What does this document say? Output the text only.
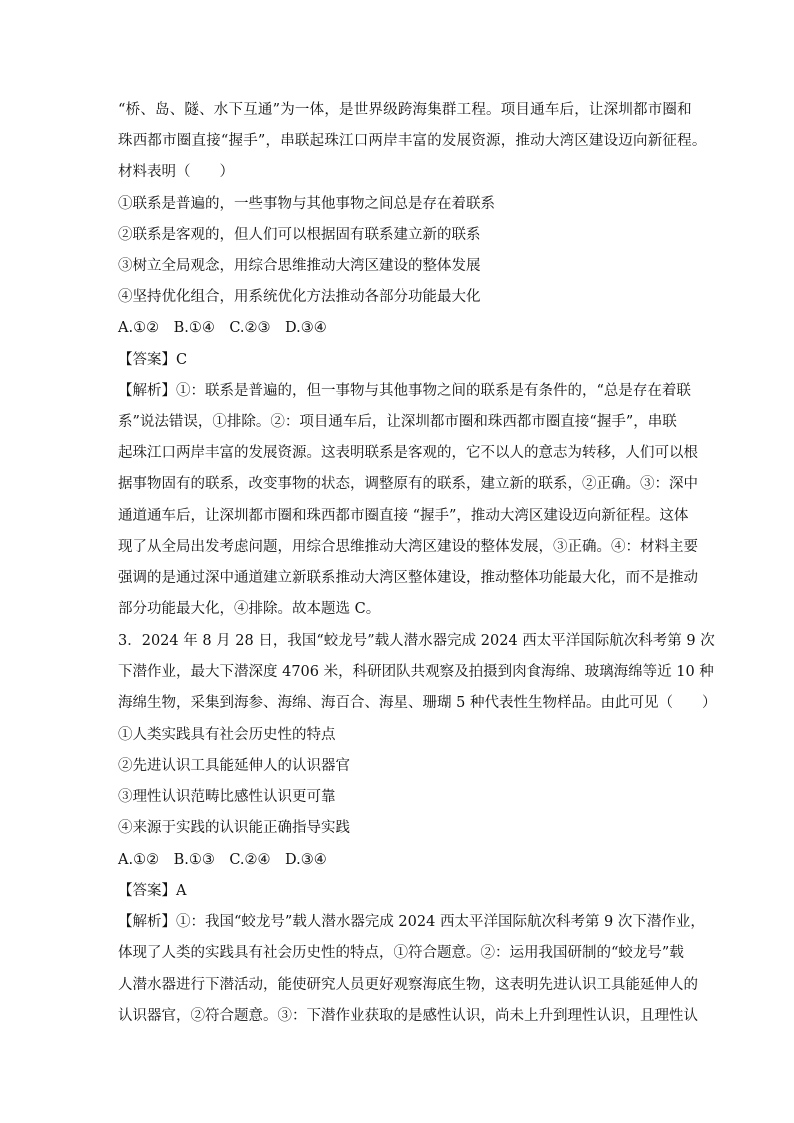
“桥、岛、隧、水下互通”为一体，是世界级跨海集群工程。项目通车后，让深圳都市圈和
珠西都市圈直接“握手”，串联起珠江口两岸丰富的发展资源，推动大湾区建设迈向新征程。
材料表明（　　）
①联系是普遍的，一些事物与其他事物之间总是存在着联系
②联系是客观的，但人们可以根据固有联系建立新的联系
③树立全局观念，用综合思维推动大湾区建设的整体发展
④坚持优化组合，用系统优化方法推动各部分功能最大化
A.①②　B.①④　C.②③　D.③④
【答案】C
【解析】①：联系是普遍的，但一事物与其他事物之间的联系是有条件的，“总是存在着联
系”说法错误，①排除。②：项目通车后，让深圳都市圈和珠西都市圈直接“握手”，串联
起珠江口两岸丰富的发展资源。这表明联系是客观的，它不以人的意志为转移，人们可以根
据事物固有的联系，改变事物的状态，调整原有的联系，建立新的联系，②正确。③：深中
通道通车后，让深圳都市圈和珠西都市圈直接 “握手”，推动大湾区建设迈向新征程。这体
现了从全局出发考虑问题，用综合思维推动大湾区建设的整体发展，③正确。④：材料主要
强调的是通过深中通道建立新联系推动大湾区整体建设，推动整体功能最大化，而不是推动
部分功能最大化，④排除。故本题选 C。
3．2024 年 8 月 28 日，我国“蛟龙号”载人潜水器完成 2024 西太平洋国际航次科考第 9 次
下潜作业，最大下潜深度 4706 米，科研团队共观察及拍摄到肉食海绵、玻璃海绵等近 10 种
海绵生物，采集到海参、海绵、海百合、海星、珊瑚 5 种代表性生物样品。由此可见（　　）
①人类实践具有社会历史性的特点
②先进认识工具能延伸人的认识器官
③理性认识范畴比感性认识更可靠
④来源于实践的认识能正确指导实践
A.①②　B.①③　C.②④　D.③④
【答案】A
【解析】①：我国“蛟龙号”载人潜水器完成 2024 西太平洋国际航次科考第 9 次下潜作业，
体现了人类的实践具有社会历史性的特点，①符合题意。②：运用我国研制的“蛟龙号”载
人潜水器进行下潜活动，能使研究人员更好观察海底生物，这表明先进认识工具能延伸人的
认识器官，②符合题意。③：下潜作业获取的是感性认识，尚未上升到理性认识，且理性认
